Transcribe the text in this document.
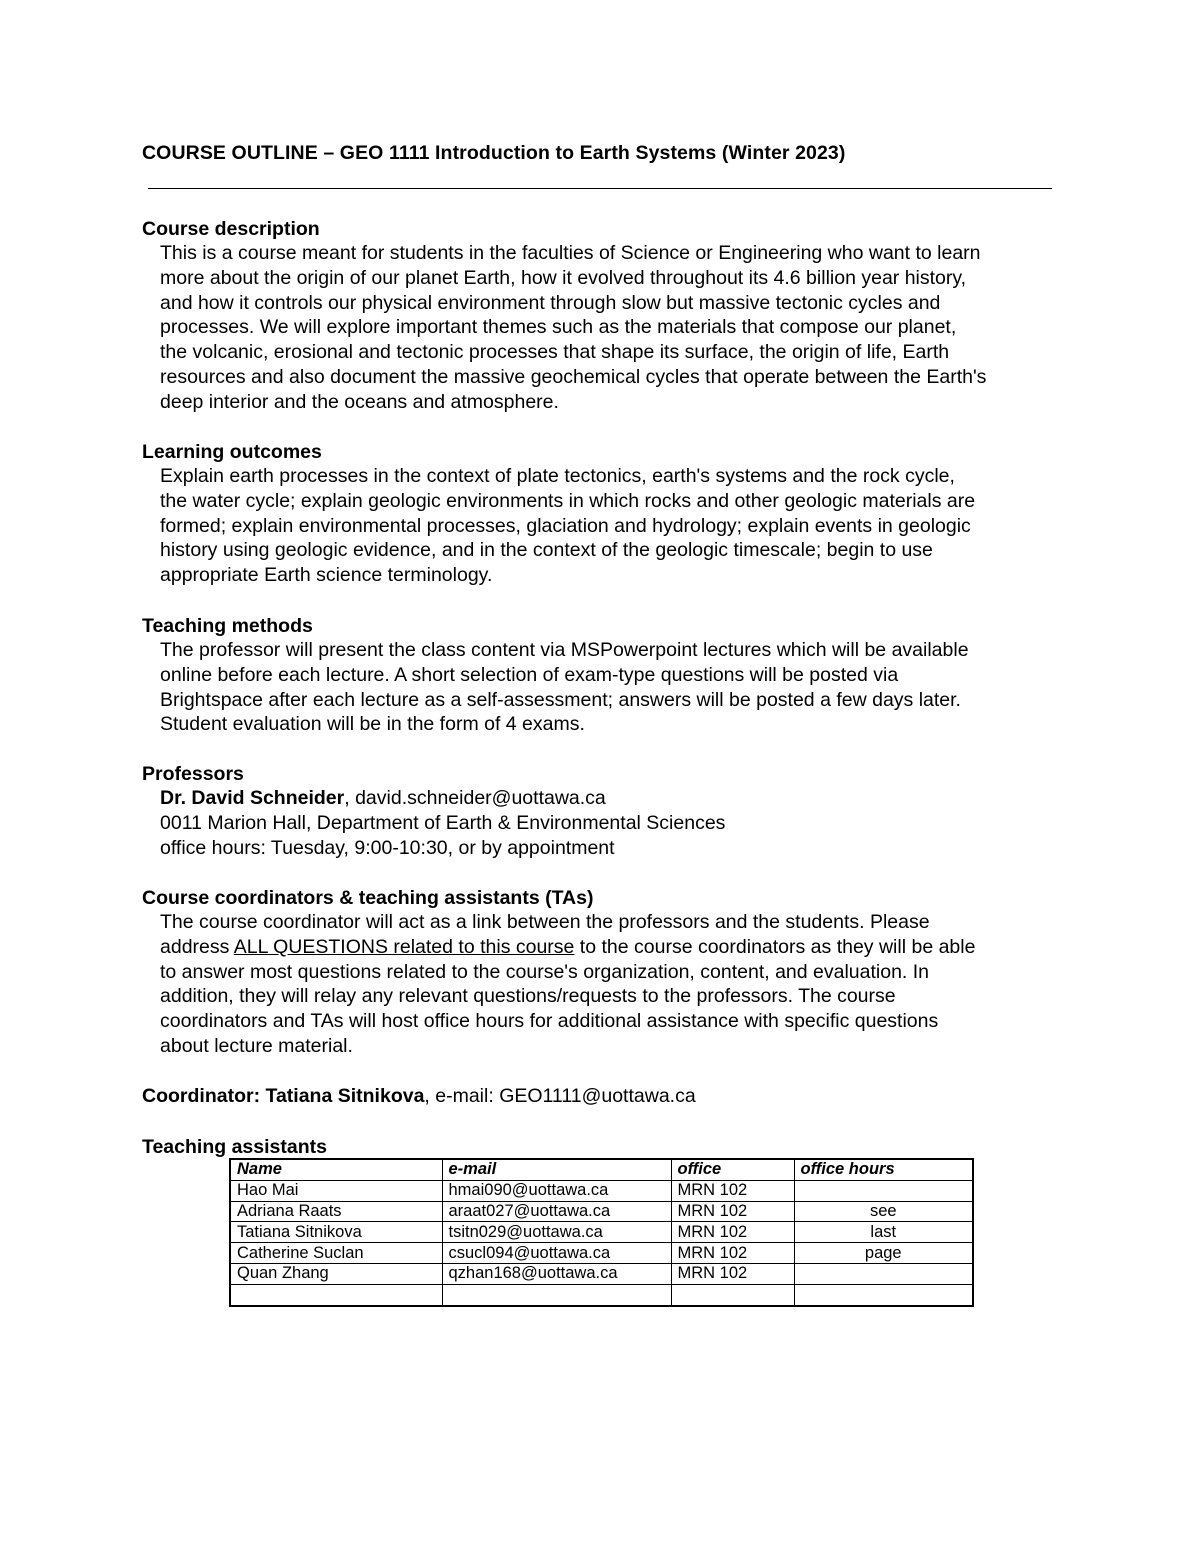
COURSE OUTLINE – GEO 1111 Introduction to Earth Systems (Winter 2023)
Course description
This is a course meant for students in the faculties of Science or Engineering who want to learn
more about the origin of our planet Earth, how it evolved throughout its 4.6 billion year history,
and how it controls our physical environment through slow but massive tectonic cycles and
processes. We will explore important themes such as the materials that compose our planet,
the volcanic, erosional and tectonic processes that shape its surface, the origin of life, Earth
resources and also document the massive geochemical cycles that operate between the Earth's
deep interior and the oceans and atmosphere.
Learning outcomes
Explain earth processes in the context of plate tectonics, earth's systems and the rock cycle,
the water cycle; explain geologic environments in which rocks and other geologic materials are
formed; explain environmental processes, glaciation and hydrology; explain events in geologic
history using geologic evidence, and in the context of the geologic timescale; begin to use
appropriate Earth science terminology.
Teaching methods
The professor will present the class content via MSPowerpoint lectures which will be available
online before each lecture. A short selection of exam-type questions will be posted via
Brightspace after each lecture as a self-assessment; answers will be posted a few days later.
Student evaluation will be in the form of 4 exams.
Professors
Dr. David Schneider, david.schneider@uottawa.ca
0011 Marion Hall, Department of Earth & Environmental Sciences
office hours: Tuesday, 9:00-10:30, or by appointment
Course coordinators & teaching assistants (TAs)
The course coordinator will act as a link between the professors and the students. Please
address ALL QUESTIONS related to this course to the course coordinators as they will be able
to answer most questions related to the course's organization, content, and evaluation. In
addition, they will relay any relevant questions/requests to the professors. The course
coordinators and TAs will host office hours for additional assistance with specific questions
about lecture material.
Coordinator: Tatiana Sitnikova, e-mail: GEO1111@uottawa.ca
Teaching assistants
Name	e-mail	office	office hours
Hao Mai	hmai090@uottawa.ca	MRN 102	
Adriana Raats	araat027@uottawa.ca	MRN 102	see
Tatiana Sitnikova	tsitn029@uottawa.ca	MRN 102	last
Catherine Suclan	csucl094@uottawa.ca	MRN 102	page
Quan Zhang	qzhan168@uottawa.ca	MRN 102	
